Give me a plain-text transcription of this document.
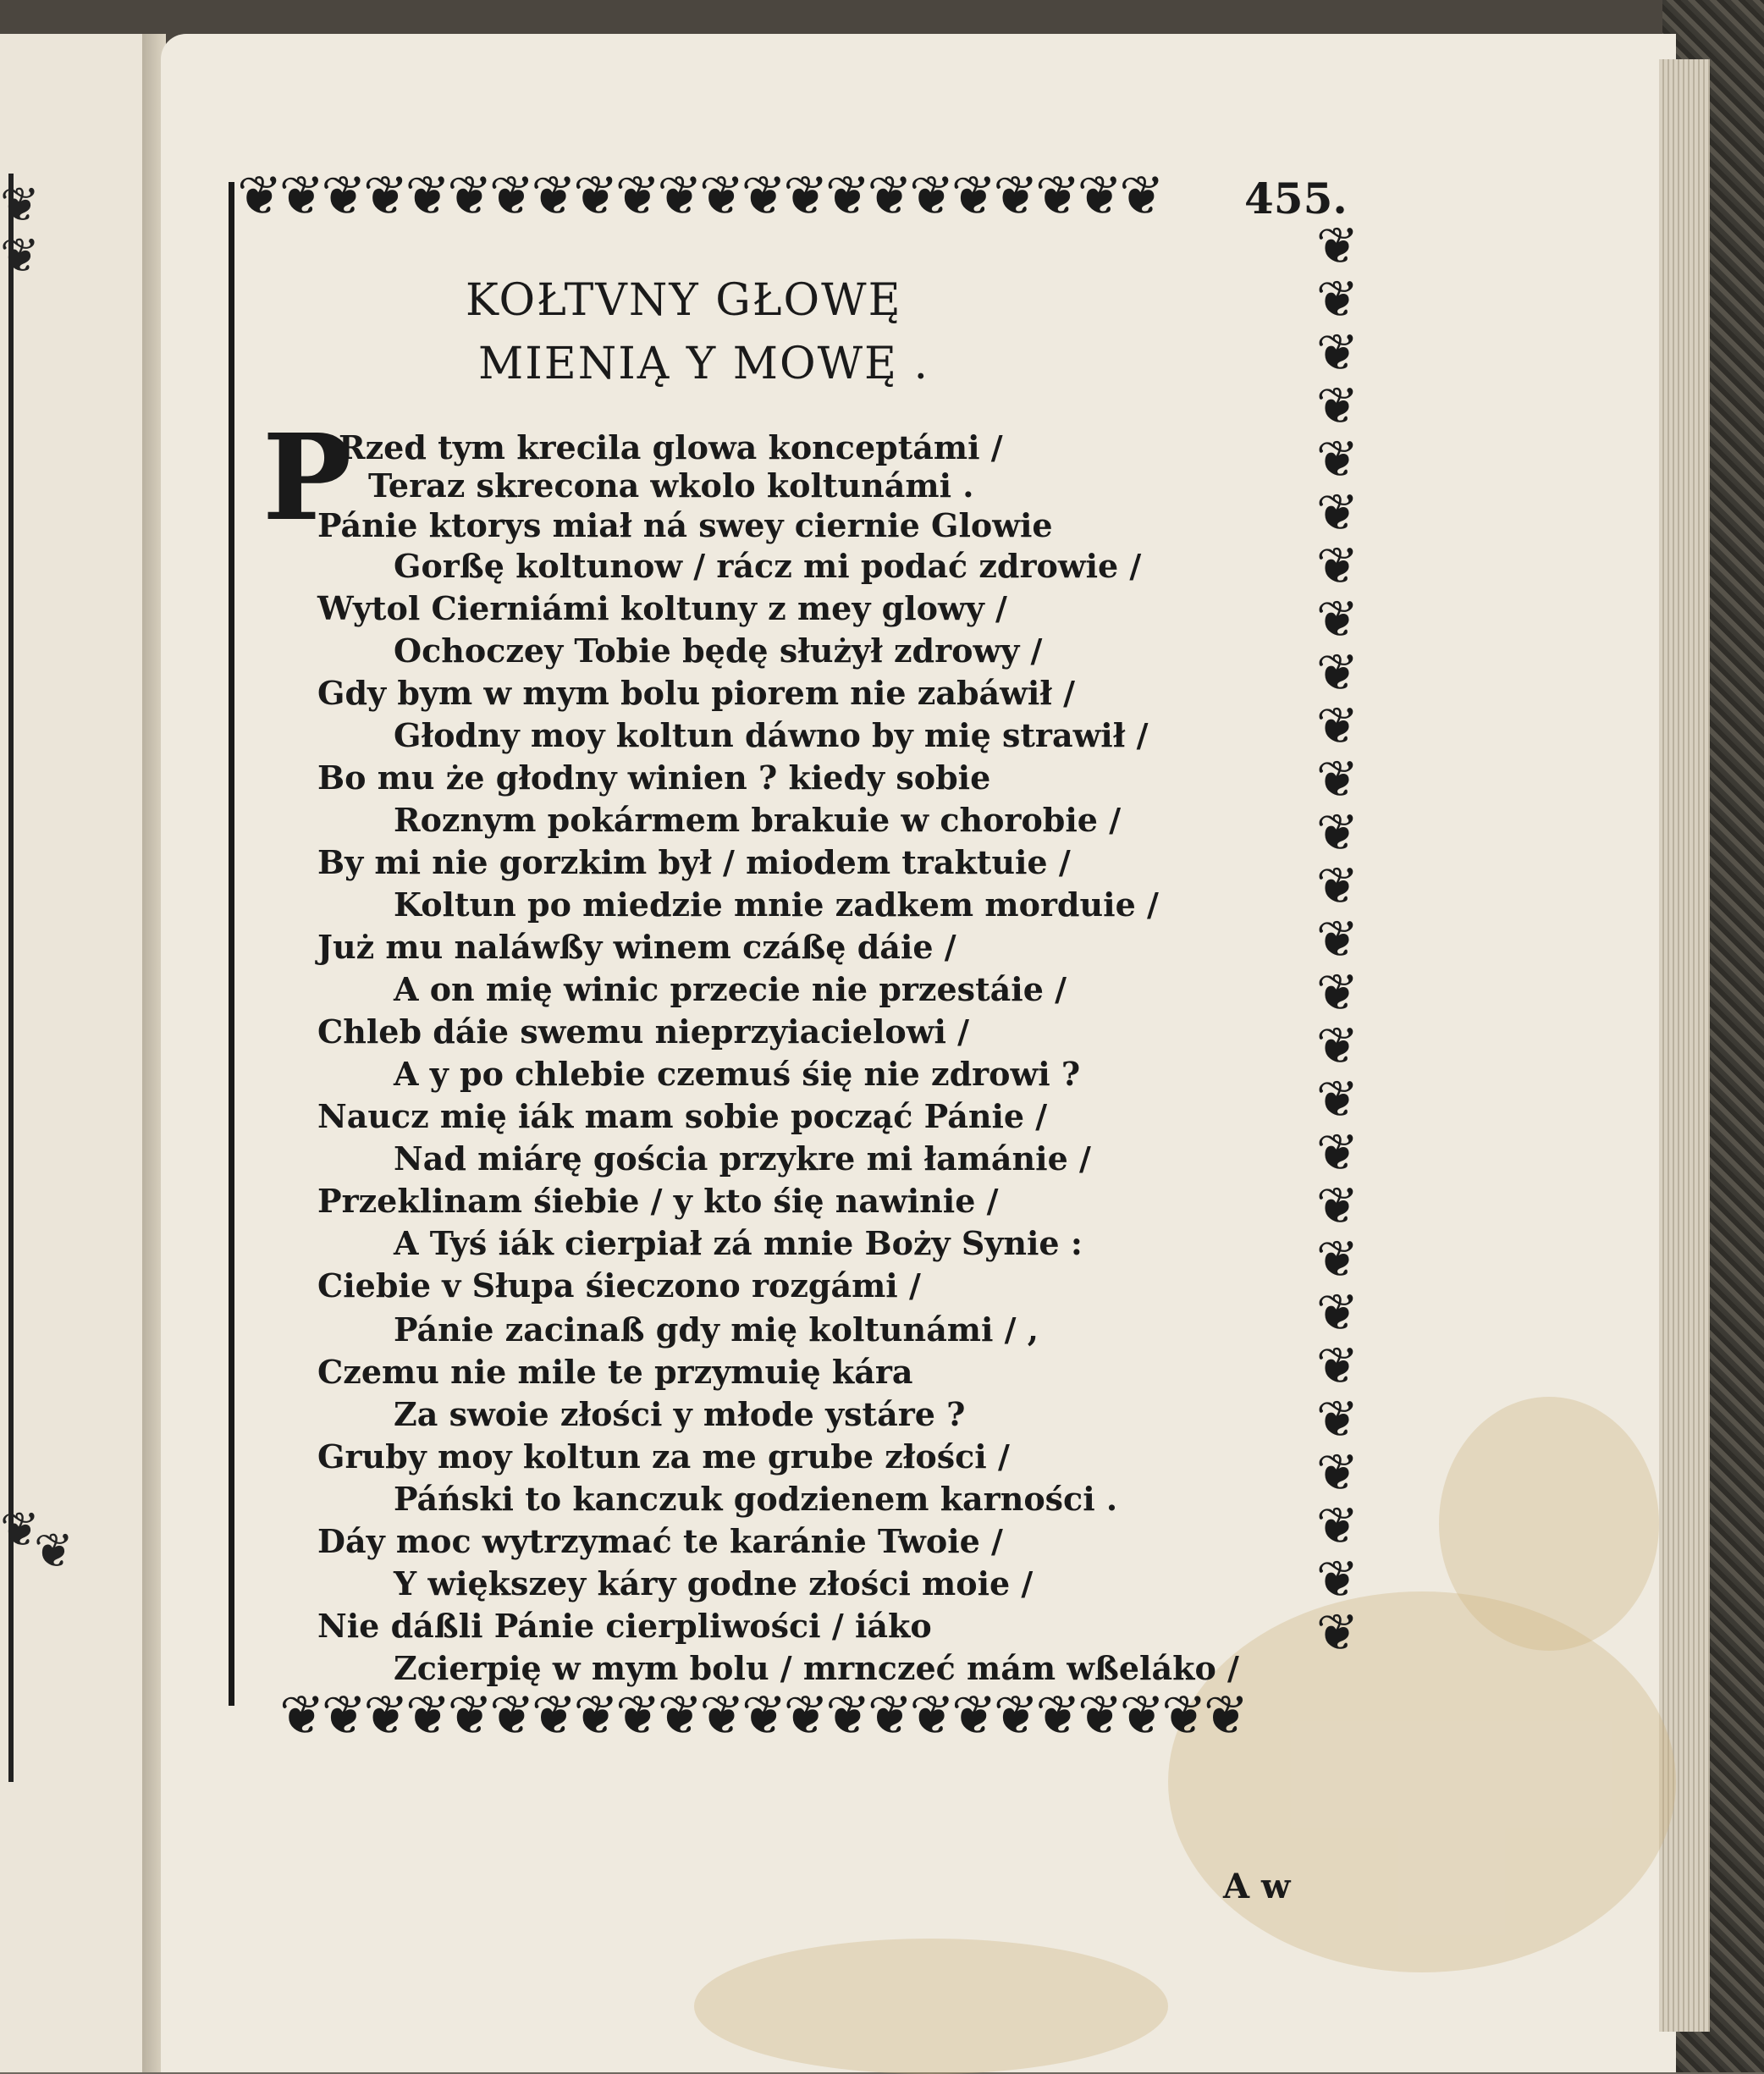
❦
❦
❦
❦
❦❦❦❦❦❦❦❦❦❦❦❦❦❦❦❦❦❦❦❦❦❦
❦❦❦❦❦❦❦❦❦❦❦❦❦❦❦❦❦❦❦❦❦❦❦
❦
❦
❦
❦
❦
❦
❦
❦
❦
❦
❦
❦
❦
❦
❦
❦
❦
❦
❦
❦
❦
❦
❦
❦
❦
❦
❦
455.
KOŁTVNY GŁOWĘ
MIENIĄ Y MOWĘ .
P
Rzed tym krecila glowa konceptámi /
Teraz skrecona wkolo koltunámi .
Pánie ktorys miał ná swey ciernie Glowie
Gorßę koltunow / rácz mi podać zdrowie /
Wytol Cierniámi koltuny z mey glowy /
Ochoczey Tobie będę służył zdrowy /
Gdy bym w mym bolu piorem nie zabáwił /
Głodny moy koltun dáwno by mię strawił /
Bo mu że głodny winien ? kiedy sobie
Roznym pokármem brakuie w chorobie /
By mi nie gorzkim był / miodem traktuie /
Koltun po miedzie mnie zadkem morduie /
Już mu naláwßy winem czáßę dáie /
A on mię winic przecie nie przestáie /
Chleb dáie swemu nieprzyiacielowi /
A y po chlebie czemuś śię nie zdrowi ?
Naucz mię iák mam sobie począć Pánie /
Nad miárę gościa przykre mi łamánie /
Przeklinam śiebie / y kto śię nawinie /
A Tyś iák cierpiał zá mnie Boży Synie :
Ciebie v Słupa śieczono rozgámi /
Pánie zacinaß gdy mię koltunámi / ,
Czemu nie mile te przymuię kára
Za swoie złości y młode ystáre ?
Gruby moy koltun za me grube złości /
Páński to kanczuk godzienem karności .
Dáy moc wytrzymać te karánie Twoie /
Y większey káry godne złości moie /
Nie dáßli Pánie cierpliwości / iáko
Zcierpię w mym bolu / mrnczeć mám wßeláko /
A w
